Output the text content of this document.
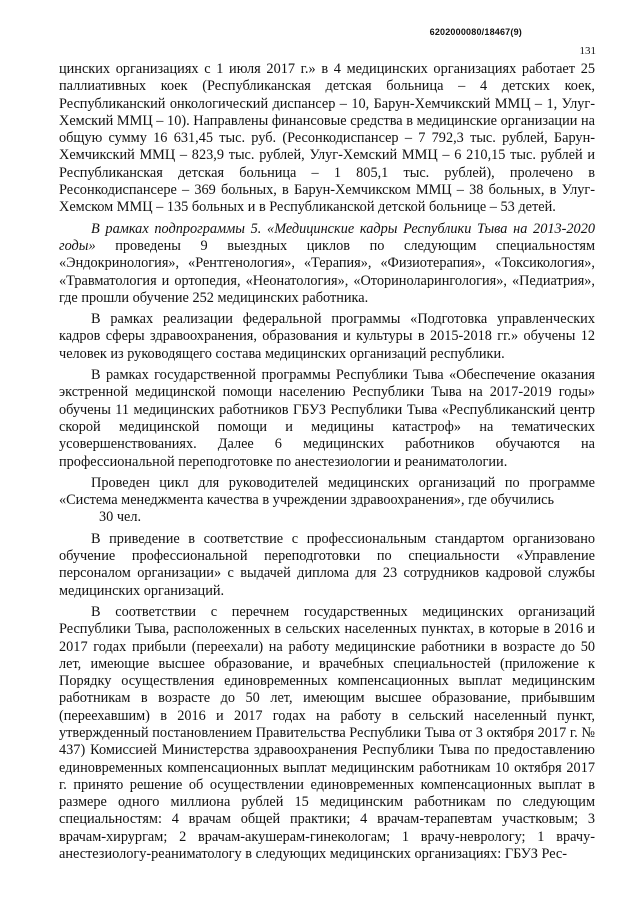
6202000080/18467(9)
131

цинских организациях с 1 июля 2017 г.» в 4 медицинских организациях работает 25 паллиативных коек (Республиканская детская больница – 4 детских коек, Республиканский онкологический диспансер – 10, Барун-Хемчикский ММЦ – 1, Улуг-Хемский ММЦ – 10). Направлены финансовые средства в медицинские организации на общую сумму 16 631,45 тыс. руб. (Ресонкодиспансер – 7 792,3 тыс. рублей, Барун-Хемчикский ММЦ – 823,9 тыс. рублей, Улуг-Хемский ММЦ – 6 210,15 тыс. рублей и Республиканская детская больница – 1 805,1 тыс. рублей), пролечено в Ресонкодиспансере – 369 больных, в Барун-Хемчикском ММЦ – 38 больных, в Улуг-Хемском ММЦ – 135 больных и в Республиканской детской больнице – 53 детей.

В рамках подпрограммы 5. «Медицинские кадры Республики Тыва на 2013-2020 годы» проведены 9 выездных циклов по следующим специальностям «Эндокринология», «Рентгенология», «Терапия», «Физиотерапия», «Токсикология», «Травматология и ортопедия, «Неонатология», «Оториноларингология», «Педиатрия», где прошли обучение 252 медицинских работника.

В рамках реализации федеральной программы «Подготовка управленческих кадров сферы здравоохранения, образования и культуры в 2015-2018 гг.» обучены 12 человек из руководящего состава медицинских организаций республики.

В рамках государственной программы Республики Тыва «Обеспечение оказания экстренной медицинской помощи населению Республики Тыва на 2017-2019 годы» обучены 11 медицинских работников ГБУЗ Республики Тыва «Республиканский центр скорой медицинской помощи и медицины катастроф» на тематических усовершенствованиях. Далее 6 медицинских работников обучаются на профессиональной переподготовке по анестезиологии и реаниматологии.

Проведен цикл для руководителей медицинских организаций по программе «Система менеджмента качества в учреждении здравоохранения», где обучились
30 чел.

В приведение в соответствие с профессиональным стандартом организовано обучение профессиональной переподготовки по специальности «Управление персоналом организации» с выдачей диплома для 23 сотрудников кадровой службы медицинских организаций.

В соответствии с перечнем государственных медицинских организаций Республики Тыва, расположенных в сельских населенных пунктах, в которые в 2016 и 2017 годах прибыли (переехали) на работу медицинские работники в возрасте до 50 лет, имеющие высшее образование, и врачебных специальностей (приложение к Порядку осуществления единовременных компенсационных выплат медицинским работникам в возрасте до 50 лет, имеющим высшее образование, прибывшим (переехавшим) в 2016 и 2017 годах на работу в сельский населенный пункт, утвержденный постановлением Правительства Республики Тыва от 3 октября 2017 г. № 437) Комиссией Министерства здравоохранения Республики Тыва по предоставлению единовременных компенсационных выплат медицинским работникам 10 октября 2017 г. принято решение об осуществлении единовременных компенсационных выплат в размере одного миллиона рублей 15 медицинским работникам по следующим специальностям: 4 врачам общей практики; 4 врачам-терапевтам участковым; 3 врачам-хирургам; 2 врачам-акушерам-гинекологам; 1 врачу-неврологу; 1 врачу-анестезиологу-реаниматологу в следующих медицинских организациях: ГБУЗ Рес-
